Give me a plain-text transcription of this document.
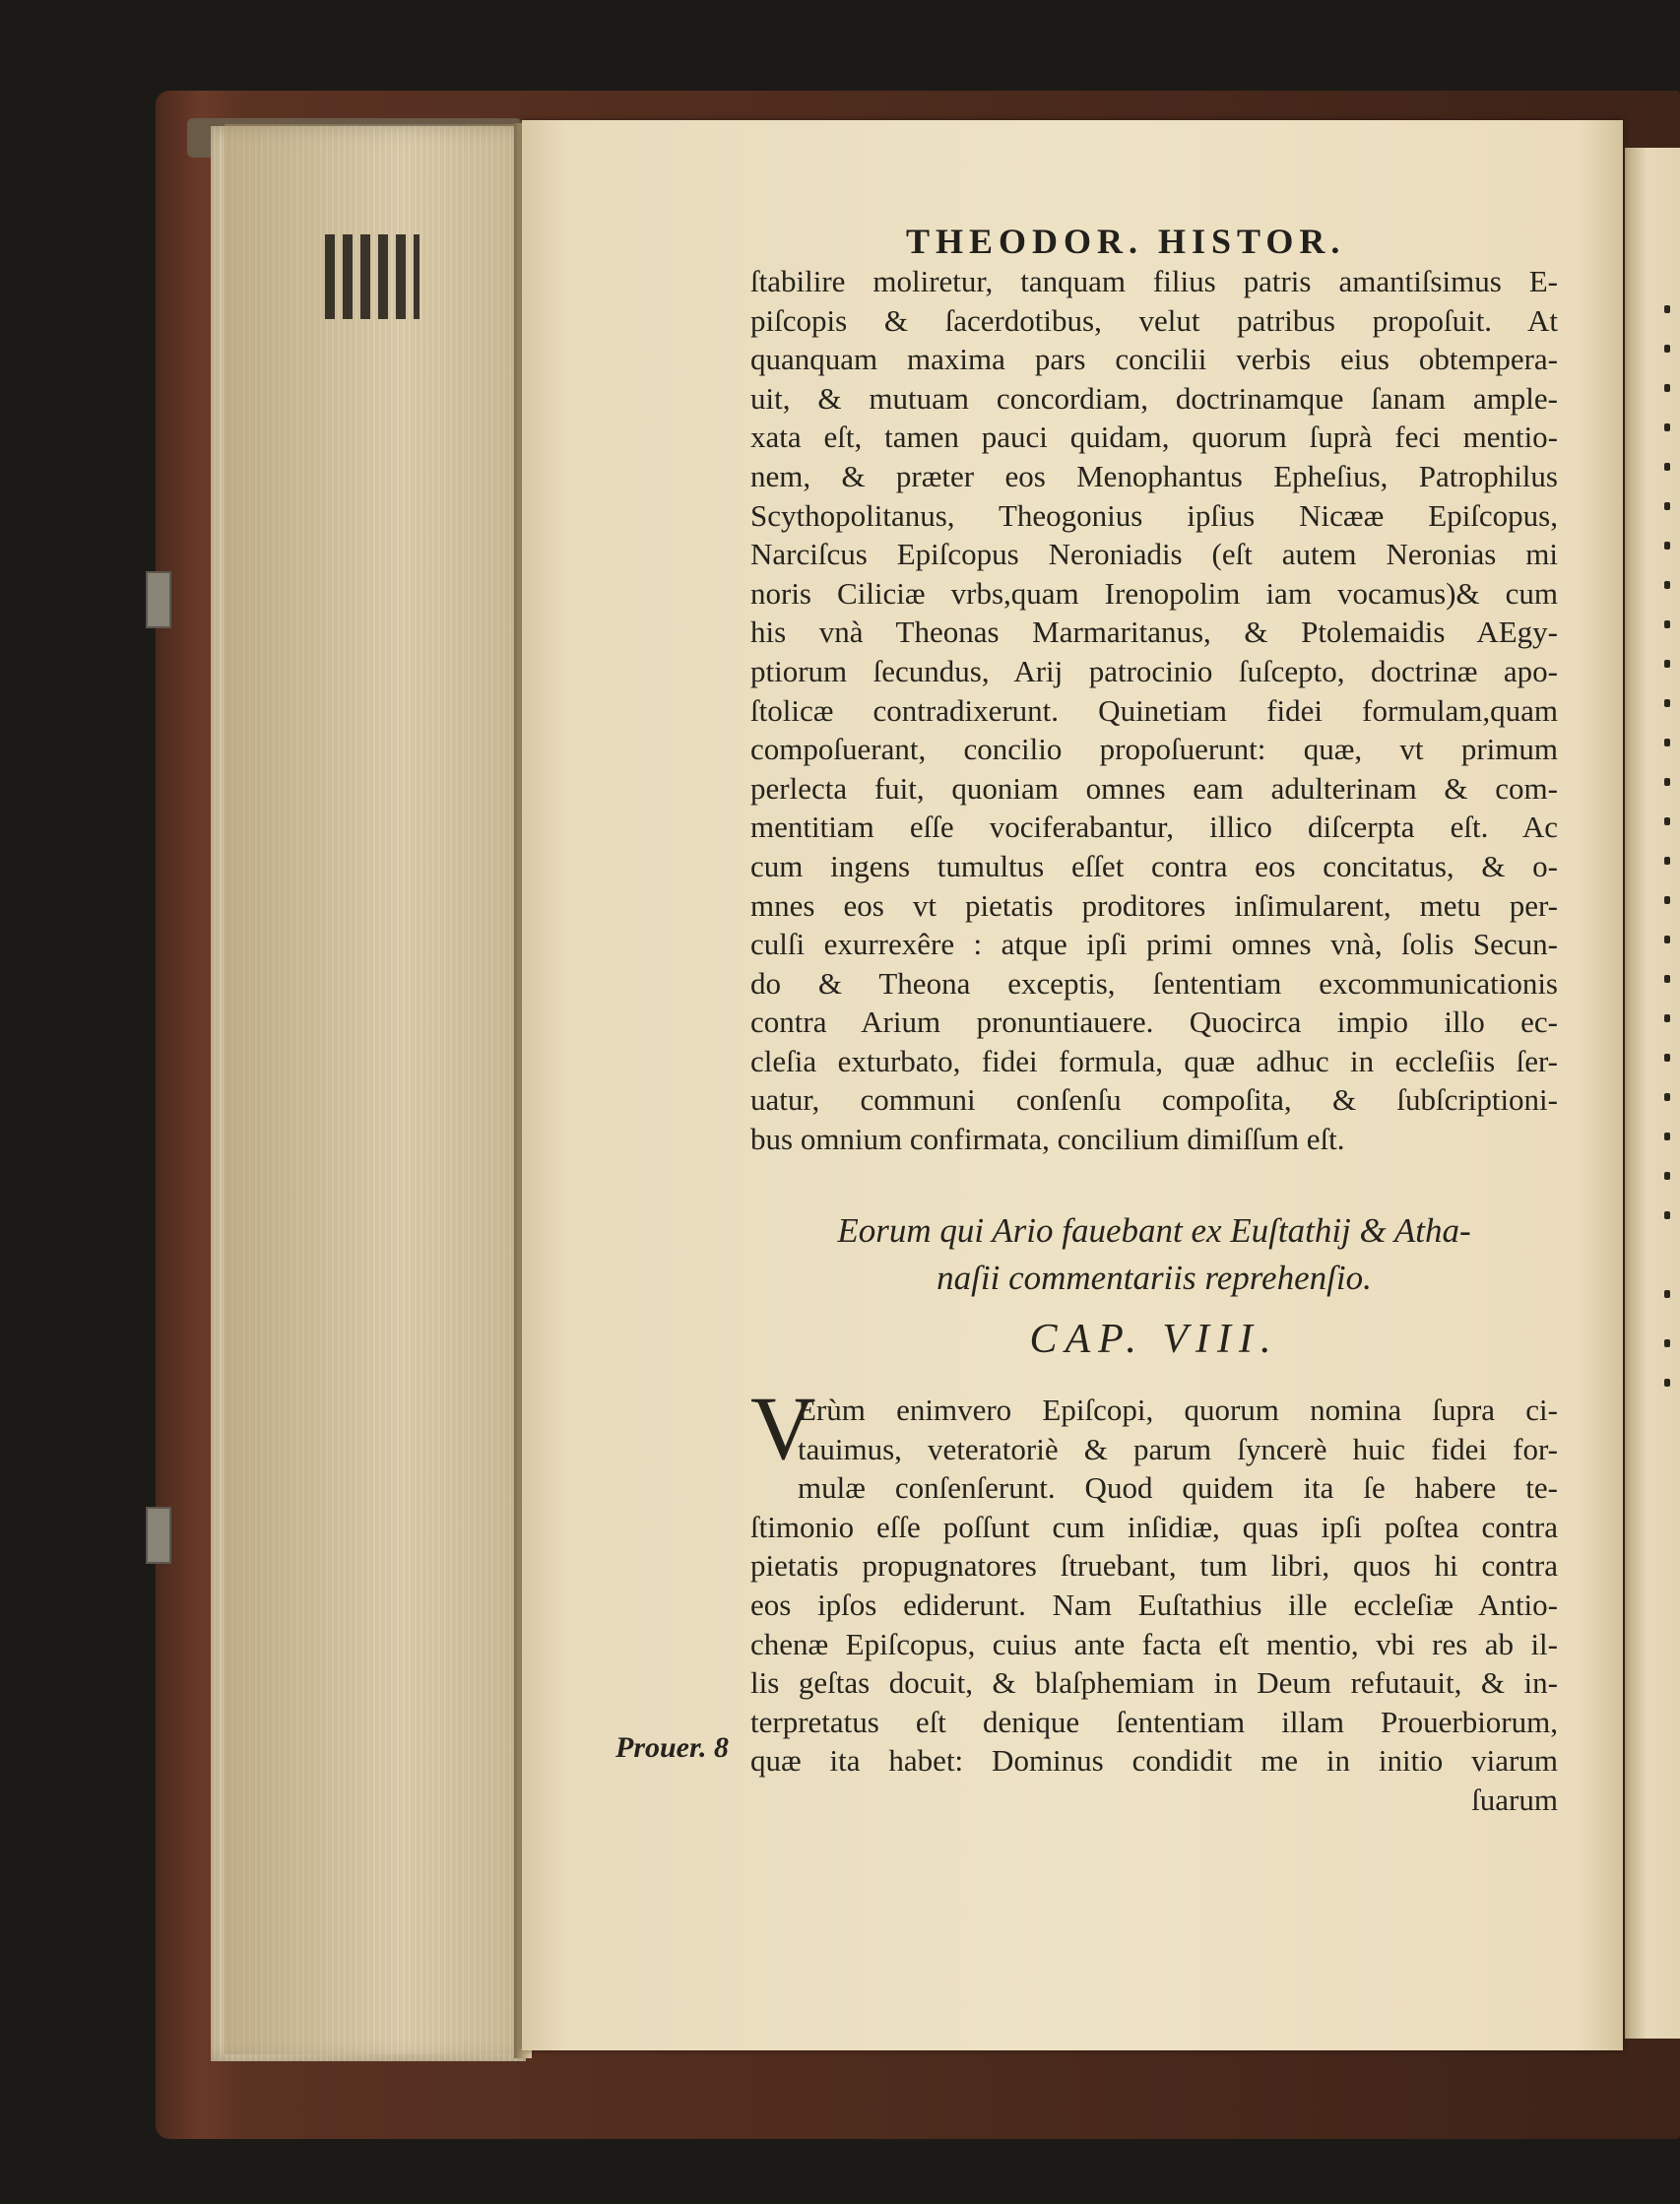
THEODOR. HISTOR.
ſtabilire moliretur, tanquam filius patris amantiſsimus E-
piſcopis & ſacerdotibus, velut patribus propoſuit. At
quanquam maxima pars concilii verbis eius obtempera-
uit, & mutuam concordiam, doctrinamque ſanam ample-
xata eſt, tamen pauci quidam, quorum ſuprà feci mentio-
nem, & præter eos Menophantus Epheſius, Patrophilus
Scythopolitanus, Theogonius ipſius Nicææ Epiſcopus,
Narciſcus Epiſcopus Neroniadis (eſt autem Neronias mi
noris Ciliciæ vrbs,quam Irenopolim iam vocamus)& cum
his vnà Theonas Marmaritanus, & Ptolemaidis AEgy-
ptiorum ſecundus, Arij patrocinio ſuſcepto, doctrinæ apo-
ſtolicæ contradixerunt. Quinetiam fidei formulam,quam
compoſuerant, concilio propoſuerunt: quæ, vt primum
perlecta fuit, quoniam omnes eam adulterinam & com-
mentitiam eſſe vociferabantur, illico diſcerpta eſt. Ac
cum ingens tumultus eſſet contra eos concitatus, & o-
mnes eos vt pietatis proditores inſimularent, metu per-
culſi exurrexêre : atque ipſi primi omnes vnà, ſolis Secun-
do & Theona exceptis, ſententiam excommunicationis
contra Arium pronuntiauere. Quocirca impio illo ec-
cleſia exturbato, fidei formula, quæ adhuc in eccleſiis ſer-
uatur, communi conſenſu compoſita, & ſubſcriptioni-
bus omnium confirmata, concilium dimiſſum eſt.
Eorum qui Ario fauebant ex Euſtathij & Atha-
naſii commentariis reprehenſio.
CAP. VIII.
V
Erùm enimvero Epiſcopi, quorum nomina ſupra ci-
tauimus, veteratoriè & parum ſyncerè huic fidei for-
mulæ conſenſerunt. Quod quidem ita ſe habere te-
ſtimonio eſſe poſſunt cum inſidiæ, quas ipſi poſtea contra
pietatis propugnatores ſtruebant, tum libri, quos hi contra
eos ipſos ediderunt. Nam Euſtathius ille eccleſiæ Antio-
chenæ Epiſcopus, cuius ante facta eſt mentio, vbi res ab il-
lis geſtas docuit, & blaſphemiam in Deum refutauit, & in-
terpretatus eſt denique ſententiam illam Prouerbiorum,
quæ ita habet: Dominus condidit me in initio viarum
ſuarum
Prouer. 8
